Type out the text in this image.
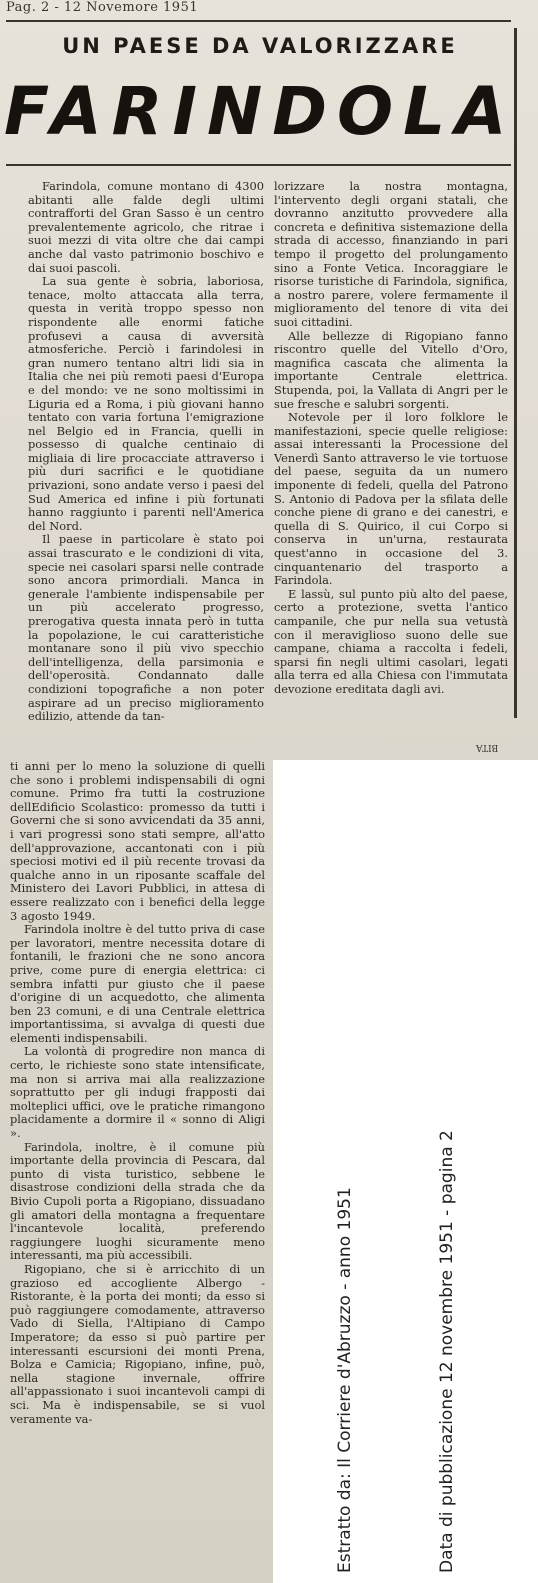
Pag. 2 - 12 Novemore 1951
UN PAESE DA VALORIZZARE
FARINDOLA

Farindola, comune montano di 4300 abitanti alle falde degli ultimi contrafforti del Gran Sasso è un centro prevalentemente agricolo, che ritrae i suoi mezzi di vita oltre che dai campi anche dal vasto patrimonio boschivo e dai suoi pascoli.

La sua gente è sobria, laboriosa, tenace, molto attaccata alla terra, questa in verità troppo spesso non rispondente alle enormi fatiche profusevi a causa di avversità atmosferiche. Perciò i farindolesi in gran numero tentano altri lidi sia in Italia che nei più remoti paesi d'Europa e del mondo: ve ne sono moltissimi in Liguria ed a Roma, i più giovani hanno tentato con varia fortuna l'emigrazione nel Belgio ed in Francia, quelli in possesso di qualche centinaio di migliaia di lire procacciate attraverso i più duri sacrifici e le quotidiane privazioni, sono andate verso i paesi del Sud America ed infine i più fortunati hanno raggiunto i parenti nell'America del Nord.

Il paese in particolare è stato poi assai trascurato e le condizioni di vita, specie nei casolari sparsi nelle contrade sono ancora primordiali. Manca in generale l'ambiente indispensabile per un più accelerato progresso, prerogativa questa innata però in tutta la popolazione, le cui caratteristiche montanare sono il più vivo specchio dell'intelligenza, della parsimonia e dell'operosità. Condannato dalle condizioni topografiche a non poter aspirare ad un preciso miglioramento edilizio, attende da tan-

lorizzare la nostra montagna, l'intervento degli organi statali, che dovranno anzitutto provvedere alla concreta e definitiva sistemazione della strada di accesso, finanziando in pari tempo il progetto del prolungamento sino a Fonte Vetica. Incoraggiare le risorse turistiche di Farindola, significa, a nostro parere, volere fermamente il miglioramento del tenore di vita dei suoi cittadini.

Alle bellezze di Rigopiano fanno riscontro quelle del Vitello d'Oro, magnifica cascata che alimenta la importante Centrale elettrica. Stupenda, poi, la Vallata di Angri per le sue fresche e salubri sorgenti.

Notevole per il loro folklore le manifestazioni, specie quelle religiose: assai interessanti la Processione del Venerdì Santo attraverso le vie tortuose del paese, seguita da un numero imponente di fedeli, quella del Patrono S. Antonio di Padova per la sfilata delle conche piene di grano e dei canestri, e quella di S. Quirico, il cui Corpo si conserva in un'urna, restaurata quest'anno in occasione del 3. cinquantenario del trasporto a Farindola.

E lassù, sul punto più alto del paese, certo a protezione, svetta l'antico campanile, che pur nella sua vetustà con il meraviglioso suono delle sue campane, chiama a raccolta i fedeli, sparsi fin negli ultimi casolari, legati alla terra ed alla Chiesa con l'immutata devozione ereditata dagli avi.

BITA

ti anni per lo meno la soluzione di quelli che sono i problemi indispensabili di ogni comune. Primo fra tutti la costruzione dellEdificio Scolastico: promesso da tutti i Governi che si sono avvicendati da 35 anni, i vari progressi sono stati sempre, all'atto dell'approvazione, accantonati con i più speciosi motivi ed il più recente trovasi da qualche anno in un riposante scaffale del Ministero dei Lavori Pubblici, in attesa di essere realizzato con i benefici della legge 3 agosto 1949.

Farindola inoltre è del tutto priva di case per lavoratori, mentre necessita dotare di fontanili, le frazioni che ne sono ancora prive, come pure di energia elettrica: ci sembra infatti pur giusto che il paese d'origine di un acquedotto, che alimenta ben 23 comuni, e di una Centrale elettrica importantissima, si avvalga di questi due elementi indispensabili.

La volontà di progredire non manca di certo, le richieste sono state intensificate, ma non si arriva mai alla realizzazione soprattutto per gli indugi frapposti dai molteplici uffici, ove le pratiche rimangono placidamente a dormire il « sonno di Aligi ».

Farindola, inoltre, è il comune più importante della provincia di Pescara, dal punto di vista turistico, sebbene le disastrose condizioni della strada che da Bivio Cupoli porta a Rigopiano, dissuadano gli amatori della montagna a frequentare l'incantevole località, preferendo raggiungere luoghi sicuramente meno interessanti, ma più accessibili.

Rigopiano, che si è arricchito di un grazioso ed accogliente Albergo - Ristorante, è la porta dei monti; da esso si può raggiungere comodamente, attraverso Vado di Siella, l'Altipiano di Campo Imperatore; da esso si può partire per interessanti escursioni dei monti Prena, Bolza e Camicia; Rigopiano, infine, può, nella stagione invernale, offrire all'appassionato i suoi incantevoli campi di sci. Ma è indispensabile, se si vuol veramente va-	Estratto da: Il Corriere d'Abruzzo - anno 1951	Data di pubblicazione 12 novembre 1951 - pagina 2
